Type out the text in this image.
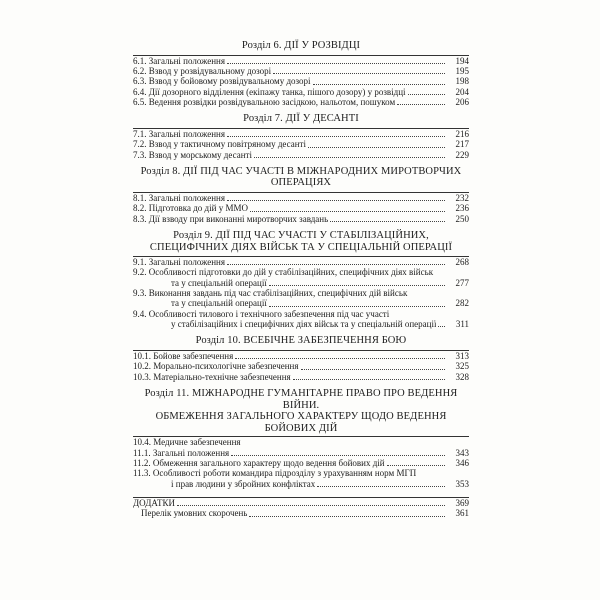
Розділ 6. ДІЇ У РОЗВІДЦІ
6.1. Загальні положення	194
6.2. Взвод у розвідувальному дозорі	195
6.3. Взвод у бойовому розвідувальному дозорі	198
6.4. Дії дозорного відділення (екіпажу танка, пішого дозору) у розвідці	204
6.5. Ведення розвідки розвідувальною засідкою, нальотом, пошуком	206
Розділ 7. ДІЇ У ДЕСАНТІ
7.1. Загальні положення	216
7.2. Взвод у тактичному повітряному десанті	217
7.3. Взвод у морському десанті	229
Розділ 8. ДІЇ ПІД ЧАС УЧАСТІ В МІЖНАРОДНИХ МИРОТВОРЧИХ
ОПЕРАЦІЯХ
8.1. Загальні положення	232
8.2. Підготовка до дій у ММО	236
8.3. Дії взводу при виконанні миротворчих завдань	250
Розділ 9. ДІЇ ПІД ЧАС УЧАСТІ У СТАБІЛІЗАЦІЙНИХ,
СПЕЦИФІЧНИХ ДІЯХ ВІЙСЬК ТА У СПЕЦІАЛЬНІЙ ОПЕРАЦІЇ
9.1. Загальні положення	268
9.2. Особливості підготовки до дій у стабілізаційних, специфічних діях військ
та у спеціальній операції	277
9.3. Виконання завдань під час стабілізаційних, специфічних дій військ
та у спеціальній операції	282
9.4. Особливості тилового і технічного забезпечення під час участі
у стабілізаційних і специфічних діях військ та у спеціальній операції	311
Розділ 10. ВСЕБІЧНЕ ЗАБЕЗПЕЧЕННЯ БОЮ
10.1. Бойове забезпечення	313
10.2. Морально-психологічне забезпечення	325
10.3. Матеріально-технічне забезпечення	328
Розділ 11. МІЖНАРОДНЕ ГУМАНІТАРНЕ ПРАВО ПРО ВЕДЕННЯ ВІЙНИ.
ОБМЕЖЕННЯ ЗАГАЛЬНОГО ХАРАКТЕРУ ЩОДО ВЕДЕННЯ БОЙОВИХ ДІЙ
10.4. Медичне забезпечення
11.1. Загальні положення	343
11.2. Обмеження загального характеру щодо ведення бойових дій	346
11.3. Особливості роботи командира підрозділу з урахуванням норм МГП
і прав людини у збройних конфліктах	353
ДОДАТКИ	369
Перелік умовних скорочень	361
